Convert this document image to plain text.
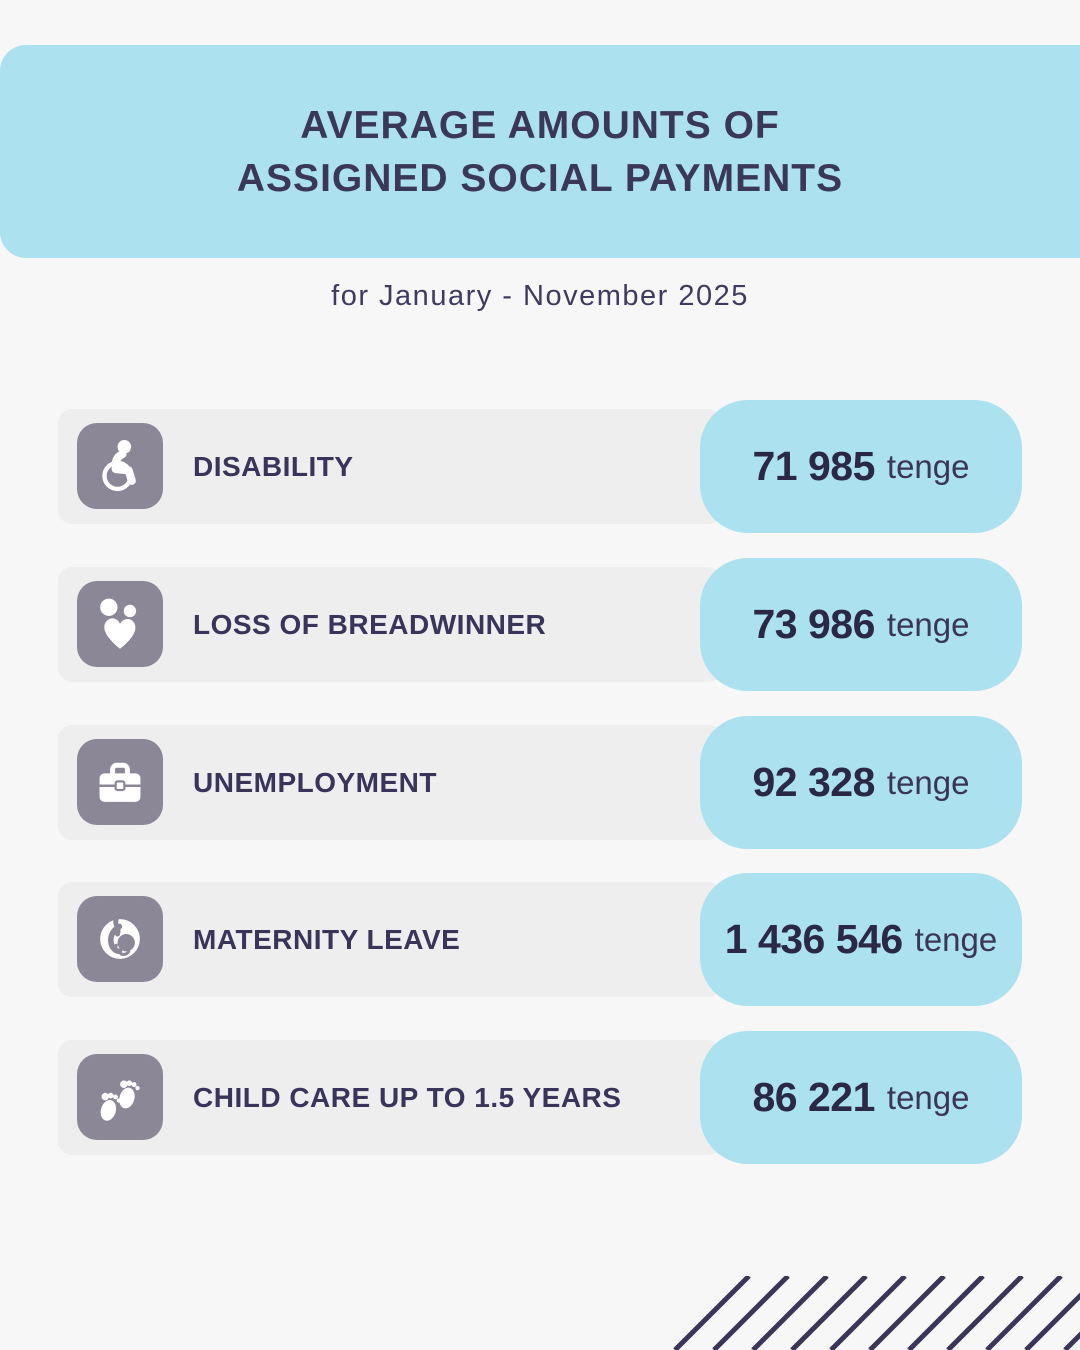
AVERAGE AMOUNTS OF
ASSIGNED SOCIAL PAYMENTS
for January - November 2025
DISABILITY	71 985 tenge
LOSS OF BREADWINNER	73 986 tenge
UNEMPLOYMENT	92 328 tenge
MATERNITY LEAVE	1 436 546 tenge
CHILD CARE UP TO 1.5 YEARS	86 221 tenge
